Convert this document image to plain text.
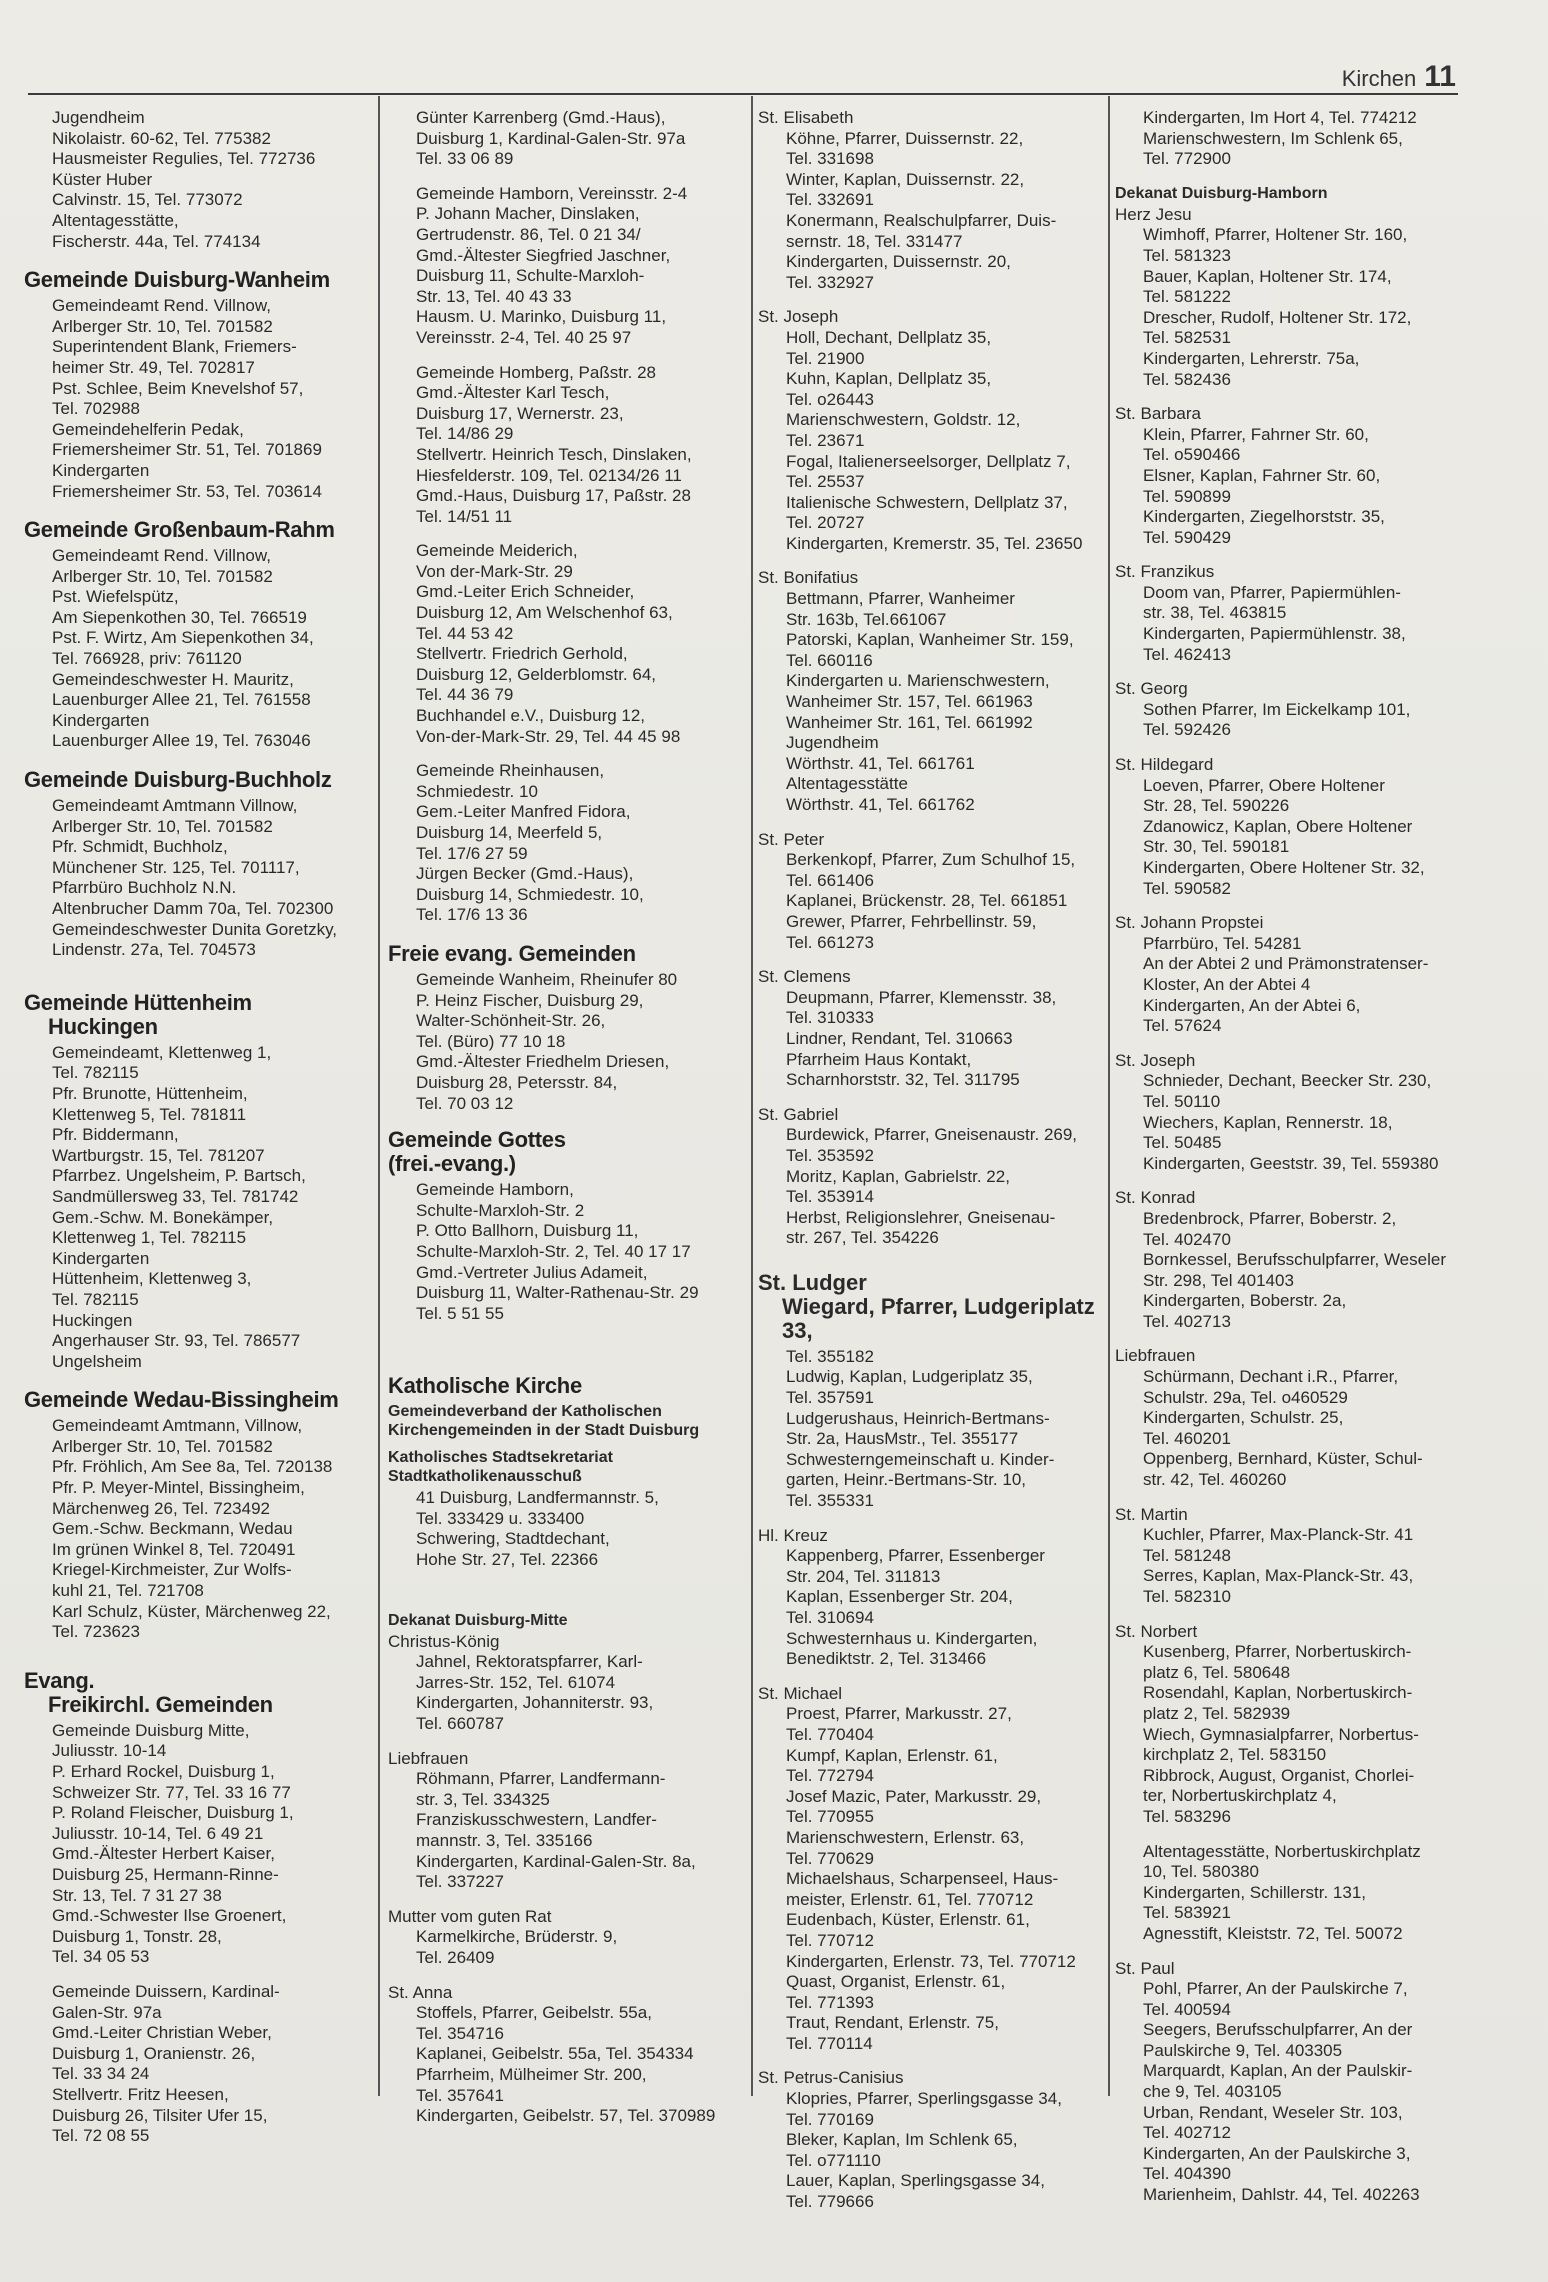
Kirchen 11
Jugendheim
Nikolaistr. 60-62, Tel. 775382
Hausmeister Regulies, Tel. 772736
Küster Huber
Calvinstr. 15, Tel. 773072
Altentagesstätte,
Fischerstr. 44a, Tel. 774134
Gemeinde Duisburg-Wanheim
Gemeindeamt Rend. Villnow,
Arlberger Str. 10, Tel. 701582
Superintendent Blank, Friemers-
heimer Str. 49, Tel. 702817
Pst. Schlee, Beim Knevelshof 57,
Tel. 702988
Gemeindehelferin Pedak,
Friemersheimer Str. 51, Tel. 701869
Kindergarten
Friemersheimer Str. 53, Tel. 703614
Gemeinde Großenbaum-Rahm
Gemeindeamt Rend. Villnow,
Arlberger Str. 10, Tel. 701582
Pst. Wiefelspütz,
Am Siepenkothen 30, Tel. 766519
Pst. F. Wirtz, Am Siepenkothen 34,
Tel. 766928, priv: 761120
Gemeindeschwester H. Mauritz,
Lauenburger Allee 21, Tel. 761558
Kindergarten
Lauenburger Allee 19, Tel. 763046
Gemeinde Duisburg-Buchholz
Gemeindeamt Amtmann Villnow,
Arlberger Str. 10, Tel. 701582
Pfr. Schmidt, Buchholz,
Münchener Str. 125, Tel. 701117,
Pfarrbüro Buchholz N.N.
Altenbrucher Damm 70a, Tel. 702300
Gemeindeschwester Dunita Goretzky,
Lindenstr. 27a, Tel. 704573
Gemeinde Hüttenheim
Huckingen
Gemeindeamt, Klettenweg 1,
Tel. 782115
Pfr. Brunotte, Hüttenheim,
Klettenweg 5, Tel. 781811
Pfr. Biddermann,
Wartburgstr. 15, Tel. 781207
Pfarrbez. Ungelsheim, P. Bartsch,
Sandmüllersweg 33, Tel. 781742
Gem.-Schw. M. Bonekämper,
Klettenweg 1, Tel. 782115
Kindergarten
Hüttenheim, Klettenweg 3,
Tel. 782115
Huckingen
Angerhauser Str. 93, Tel. 786577
Ungelsheim
Gemeinde Wedau-Bissingheim
Gemeindeamt Amtmann, Villnow,
Arlberger Str. 10, Tel. 701582
Pfr. Fröhlich, Am See 8a, Tel. 720138
Pfr. P. Meyer-Mintel, Bissingheim,
Märchenweg 26, Tel. 723492
Gem.-Schw. Beckmann, Wedau
Im grünen Winkel 8, Tel. 720491
Kriegel-Kirchmeister, Zur Wolfs-
kuhl 21, Tel. 721708
Karl Schulz, Küster, Märchenweg 22,
Tel. 723623
Evang.
Freikirchl. Gemeinden
Gemeinde Duisburg Mitte,
Juliusstr. 10-14
P. Erhard Rockel, Duisburg 1,
Schweizer Str. 77, Tel. 33 16 77
P. Roland Fleischer, Duisburg 1,
Juliusstr. 10-14, Tel. 6 49 21
Gmd.-Ältester Herbert Kaiser,
Duisburg 25, Hermann-Rinne-
Str. 13, Tel. 7 31 27 38
Gmd.-Schwester Ilse Groenert,
Duisburg 1, Tonstr. 28,
Tel. 34 05 53
Gemeinde Duissern, Kardinal-
Galen-Str. 97a
Gmd.-Leiter Christian Weber,
Duisburg 1, Oranienstr. 26,
Tel. 33 34 24
Stellvertr. Fritz Heesen,
Duisburg 26, Tilsiter Ufer 15,
Tel. 72 08 55
Günter Karrenberg (Gmd.-Haus),
Duisburg 1, Kardinal-Galen-Str. 97a
Tel. 33 06 89
Gemeinde Hamborn, Vereinsstr. 2-4
P. Johann Macher, Dinslaken,
Gertrudenstr. 86, Tel. 0 21 34/
Gmd.-Ältester Siegfried Jaschner,
Duisburg 11, Schulte-Marxloh-
Str. 13, Tel. 40 43 33
Hausm. U. Marinko, Duisburg 11,
Vereinsstr. 2-4, Tel. 40 25 97
Gemeinde Homberg, Paßstr. 28
Gmd.-Ältester Karl Tesch,
Duisburg 17, Wernerstr. 23,
Tel. 14/86 29
Stellvertr. Heinrich Tesch, Dinslaken,
Hiesfelderstr. 109, Tel. 02134/26 11
Gmd.-Haus, Duisburg 17, Paßstr. 28
Tel. 14/51 11
Gemeinde Meiderich,
Von der-Mark-Str. 29
Gmd.-Leiter Erich Schneider,
Duisburg 12, Am Welschenhof 63,
Tel. 44 53 42
Stellvertr. Friedrich Gerhold,
Duisburg 12, Gelderblomstr. 64,
Tel. 44 36 79
Buchhandel e.V., Duisburg 12,
Von-der-Mark-Str. 29, Tel. 44 45 98
Gemeinde Rheinhausen,
Schmiedestr. 10
Gem.-Leiter Manfred Fidora,
Duisburg 14, Meerfeld 5,
Tel. 17/6 27 59
Jürgen Becker (Gmd.-Haus),
Duisburg 14, Schmiedestr. 10,
Tel. 17/6 13 36
Freie evang. Gemeinden
Gemeinde Wanheim, Rheinufer 80
P. Heinz Fischer, Duisburg 29,
Walter-Schönheit-Str. 26,
Tel. (Büro) 77 10 18
Gmd.-Ältester Friedhelm Driesen,
Duisburg 28, Petersstr. 84,
Tel. 70 03 12
Gemeinde Gottes
(frei.-evang.)
Gemeinde Hamborn,
Schulte-Marxloh-Str. 2
P. Otto Ballhorn, Duisburg 11,
Schulte-Marxloh-Str. 2, Tel. 40 17 17
Gmd.-Vertreter Julius Adameit,
Duisburg 11, Walter-Rathenau-Str. 29
Tel. 5 51 55
Katholische Kirche
Gemeindeverband der Katholischen
Kirchengemeinden in der Stadt Duisburg
Katholisches Stadtsekretariat
Stadtkatholikenausschuß
41 Duisburg, Landfermannstr. 5,
Tel. 333429 u. 333400
Schwering, Stadtdechant,
Hohe Str. 27, Tel. 22366
Dekanat Duisburg-Mitte
Christus-König
Jahnel, Rektoratspfarrer, Karl-
Jarres-Str. 152, Tel. 61074
Kindergarten, Johanniterstr. 93,
Tel. 660787
Liebfrauen
Röhmann, Pfarrer, Landfermann-
str. 3, Tel. 334325
Franziskusschwestern, Landfer-
mannstr. 3, Tel. 335166
Kindergarten, Kardinal-Galen-Str. 8a,
Tel. 337227
Mutter vom guten Rat
Karmelkirche, Brüderstr. 9,
Tel. 26409
St. Anna
Stoffels, Pfarrer, Geibelstr. 55a,
Tel. 354716
Kaplanei, Geibelstr. 55a, Tel. 354334
Pfarrheim, Mülheimer Str. 200,
Tel. 357641
Kindergarten, Geibelstr. 57, Tel. 370989
St. Elisabeth
Köhne, Pfarrer, Duissernstr. 22,
Tel. 331698
Winter, Kaplan, Duissernstr. 22,
Tel. 332691
Konermann, Realschulpfarrer, Duis-
sernstr. 18, Tel. 331477
Kindergarten, Duissernstr. 20,
Tel. 332927
St. Joseph
Holl, Dechant, Dellplatz 35,
Tel. 21900
Kuhn, Kaplan, Dellplatz 35,
Tel. o26443
Marienschwestern, Goldstr. 12,
Tel. 23671
Fogal, Italienerseelsorger, Dellplatz 7,
Tel. 25537
Italienische Schwestern, Dellplatz 37,
Tel. 20727
Kindergarten, Kremerstr. 35, Tel. 23650
St. Bonifatius
Bettmann, Pfarrer, Wanheimer
Str. 163b, Tel.661067
Patorski, Kaplan, Wanheimer Str. 159,
Tel. 660116
Kindergarten u. Marienschwestern,
Wanheimer Str. 157, Tel. 661963
Wanheimer Str. 161, Tel. 661992
Jugendheim
Wörthstr. 41, Tel. 661761
Altentagesstätte
Wörthstr. 41, Tel. 661762
St. Peter
Berkenkopf, Pfarrer, Zum Schulhof 15,
Tel. 661406
Kaplanei, Brückenstr. 28, Tel. 661851
Grewer, Pfarrer, Fehrbellinstr. 59,
Tel. 661273
St. Clemens
Deupmann, Pfarrer, Klemensstr. 38,
Tel. 310333
Lindner, Rendant, Tel. 310663
Pfarrheim Haus Kontakt,
Scharnhorststr. 32, Tel. 311795
St. Gabriel
Burdewick, Pfarrer, Gneisenaustr. 269,
Tel. 353592
Moritz, Kaplan, Gabrielstr. 22,
Tel. 353914
Herbst, Religionslehrer, Gneisenau-
str. 267, Tel. 354226
St. Ludger
Wiegard, Pfarrer, Ludgeriplatz 33,
Tel. 355182
Ludwig, Kaplan, Ludgeriplatz 35,
Tel. 357591
Ludgerushaus, Heinrich-Bertmans-
Str. 2a, HausMstr., Tel. 355177
Schwesterngemeinschaft u. Kinder-
garten, Heinr.-Bertmans-Str. 10,
Tel. 355331
Hl. Kreuz
Kappenberg, Pfarrer, Essenberger
Str. 204, Tel. 311813
Kaplan, Essenberger Str. 204,
Tel. 310694
Schwesternhaus u. Kindergarten,
Benediktstr. 2, Tel. 313466
St. Michael
Proest, Pfarrer, Markusstr. 27,
Tel. 770404
Kumpf, Kaplan, Erlenstr. 61,
Tel. 772794
Josef Mazic, Pater, Markusstr. 29,
Tel. 770955
Marienschwestern, Erlenstr. 63,
Tel. 770629
Michaelshaus, Scharpenseel, Haus-
meister, Erlenstr. 61, Tel. 770712
Eudenbach, Küster, Erlenstr. 61,
Tel. 770712
Kindergarten, Erlenstr. 73, Tel. 770712
Quast, Organist, Erlenstr. 61,
Tel. 771393
Traut, Rendant, Erlenstr. 75,
Tel. 770114
St. Petrus-Canisius
Klopries, Pfarrer, Sperlingsgasse 34,
Tel. 770169
Bleker, Kaplan, Im Schlenk 65,
Tel. o771110
Lauer, Kaplan, Sperlingsgasse 34,
Tel. 779666
Kindergarten, Im Hort 4, Tel. 774212
Marienschwestern, Im Schlenk 65,
Tel. 772900
Dekanat Duisburg-Hamborn
Herz Jesu
Wimhoff, Pfarrer, Holtener Str. 160,
Tel. 581323
Bauer, Kaplan, Holtener Str. 174,
Tel. 581222
Drescher, Rudolf, Holtener Str. 172,
Tel. 582531
Kindergarten, Lehrerstr. 75a,
Tel. 582436
St. Barbara
Klein, Pfarrer, Fahrner Str. 60,
Tel. o590466
Elsner, Kaplan, Fahrner Str. 60,
Tel. 590899
Kindergarten, Ziegelhorststr. 35,
Tel. 590429
St. Franzikus
Doom van, Pfarrer, Papiermühlen-
str. 38, Tel. 463815
Kindergarten, Papiermühlenstr. 38,
Tel. 462413
St. Georg
Sothen Pfarrer, Im Eickelkamp 101,
Tel. 592426
St. Hildegard
Loeven, Pfarrer, Obere Holtener
Str. 28, Tel. 590226
Zdanowicz, Kaplan, Obere Holtener
Str. 30, Tel. 590181
Kindergarten, Obere Holtener Str. 32,
Tel. 590582
St. Johann Propstei
Pfarrbüro, Tel. 54281
An der Abtei 2 und Prämonstratenser-
Kloster, An der Abtei 4
Kindergarten, An der Abtei 6,
Tel. 57624
St. Joseph
Schnieder, Dechant, Beecker Str. 230,
Tel. 50110
Wiechers, Kaplan, Rennerstr. 18,
Tel. 50485
Kindergarten, Geeststr. 39, Tel. 559380
St. Konrad
Bredenbrock, Pfarrer, Boberstr. 2,
Tel. 402470
Bornkessel, Berufsschulpfarrer, Weseler
Str. 298, Tel 401403
Kindergarten, Boberstr. 2a,
Tel. 402713
Liebfrauen
Schürmann, Dechant i.R., Pfarrer,
Schulstr. 29a, Tel. o460529
Kindergarten, Schulstr. 25,
Tel. 460201
Oppenberg, Bernhard, Küster, Schul-
str. 42, Tel. 460260
St. Martin
Kuchler, Pfarrer, Max-Planck-Str. 41
Tel. 581248
Serres, Kaplan, Max-Planck-Str. 43,
Tel. 582310
St. Norbert
Kusenberg, Pfarrer, Norbertuskirch-
platz 6, Tel. 580648
Rosendahl, Kaplan, Norbertuskirch-
platz 2, Tel. 582939
Wiech, Gymnasialpfarrer, Norbertus-
kirchplatz 2, Tel. 583150
Ribbrock, August, Organist, Chorlei-
ter, Norbertuskirchplatz 4,
Tel. 583296
Altentagesstätte, Norbertuskirchplatz
10, Tel. 580380
Kindergarten, Schillerstr. 131,
Tel. 583921
Agnesstift, Kleiststr. 72, Tel. 50072
St. Paul
Pohl, Pfarrer, An der Paulskirche 7,
Tel. 400594
Seegers, Berufsschulpfarrer, An der
Paulskirche 9, Tel. 403305
Marquardt, Kaplan, An der Paulskir-
che 9, Tel. 403105
Urban, Rendant, Weseler Str. 103,
Tel. 402712
Kindergarten, An der Paulskirche 3,
Tel. 404390
Marienheim, Dahlstr. 44, Tel. 402263
